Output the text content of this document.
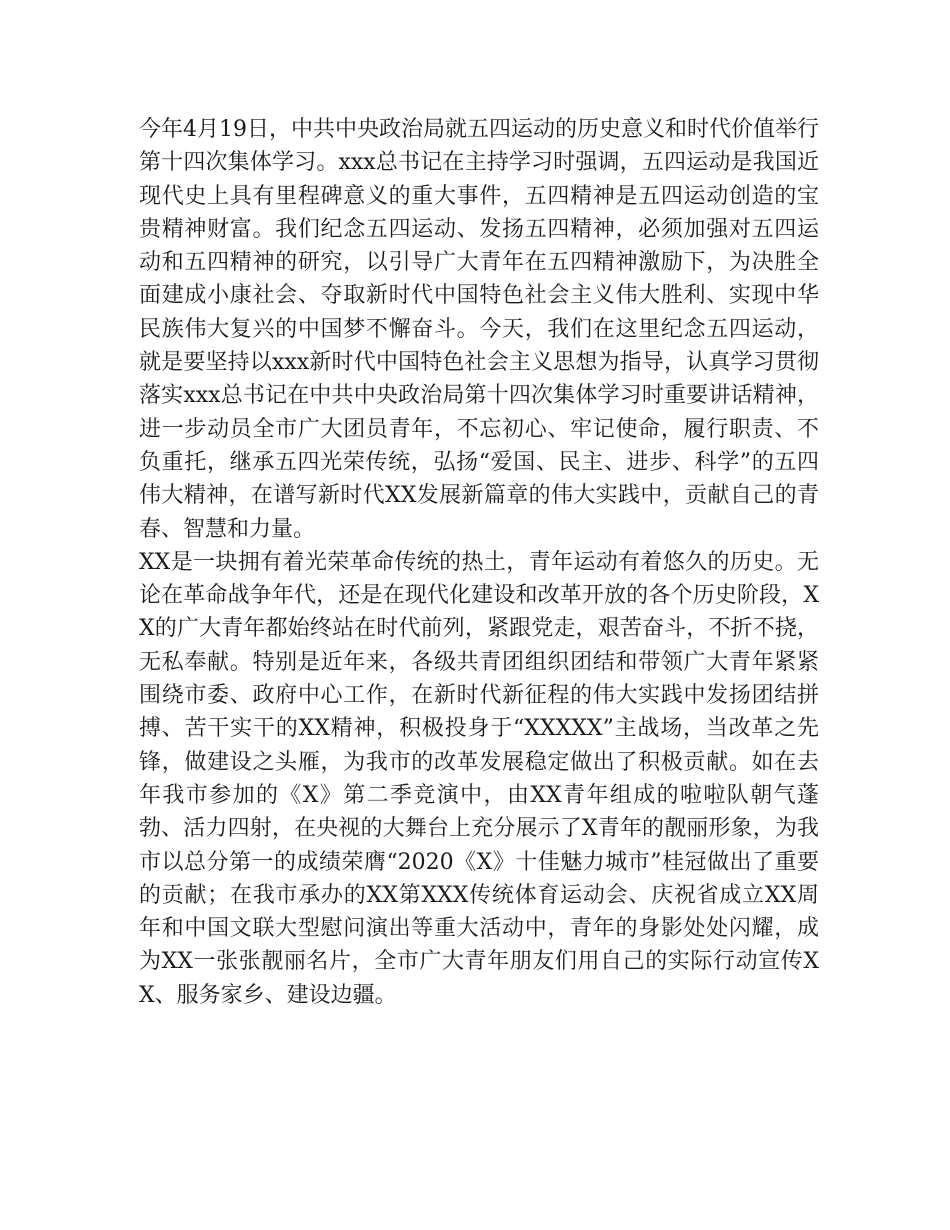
今年4月19日，中共中央政治局就五四运动的历史意义和时代价值举行第十四次集体学习。xxx总书记在主持学习时强调，五四运动是我国近现代史上具有里程碑意义的重大事件，五四精神是五四运动创造的宝贵精神财富。我们纪念五四运动、发扬五四精神，必须加强对五四运动和五四精神的研究，以引导广大青年在五四精神激励下，为决胜全面建成小康社会、夺取新时代中国特色社会主义伟大胜利、实现中华民族伟大复兴的中国梦不懈奋斗。今天，我们在这里纪念五四运动，就是要坚持以xxx新时代中国特色社会主义思想为指导，认真学习贯彻落实xxx总书记在中共中央政治局第十四次集体学习时重要讲话精神，进一步动员全市广大团员青年，不忘初心、牢记使命，履行职责、不负重托，继承五四光荣传统，弘扬“爱国、民主、进步、科学”的五四伟大精神，在谱写新时代XX发展新篇章的伟大实践中，贡献自己的青春、智慧和力量。

XX是一块拥有着光荣革命传统的热土，青年运动有着悠久的历史。无论在革命战争年代，还是在现代化建设和改革开放的各个历史阶段，XX的广大青年都始终站在时代前列，紧跟党走，艰苦奋斗，不折不挠，无私奉献。特别是近年来，各级共青团组织团结和带领广大青年紧紧围绕市委、政府中心工作，在新时代新征程的伟大实践中发扬团结拼搏、苦干实干的XX精神，积极投身于“XXXXX”主战场，当改革之先锋，做建设之头雁，为我市的改革发展稳定做出了积极贡献。如在去年我市参加的《X》第二季竞演中，由XX青年组成的啦啦队朝气蓬勃、活力四射，在央视的大舞台上充分展示了X青年的靓丽形象，为我市以总分第一的成绩荣膺“2020《X》十佳魅力城市”桂冠做出了重要的贡献；在我市承办的XX第XXX传统体育运动会、庆祝省成立XX周年和中国文联大型慰问演出等重大活动中，青年的身影处处闪耀，成为XX一张张靓丽名片，全市广大青年朋友们用自己的实际行动宣传XX、服务家乡、建设边疆。
